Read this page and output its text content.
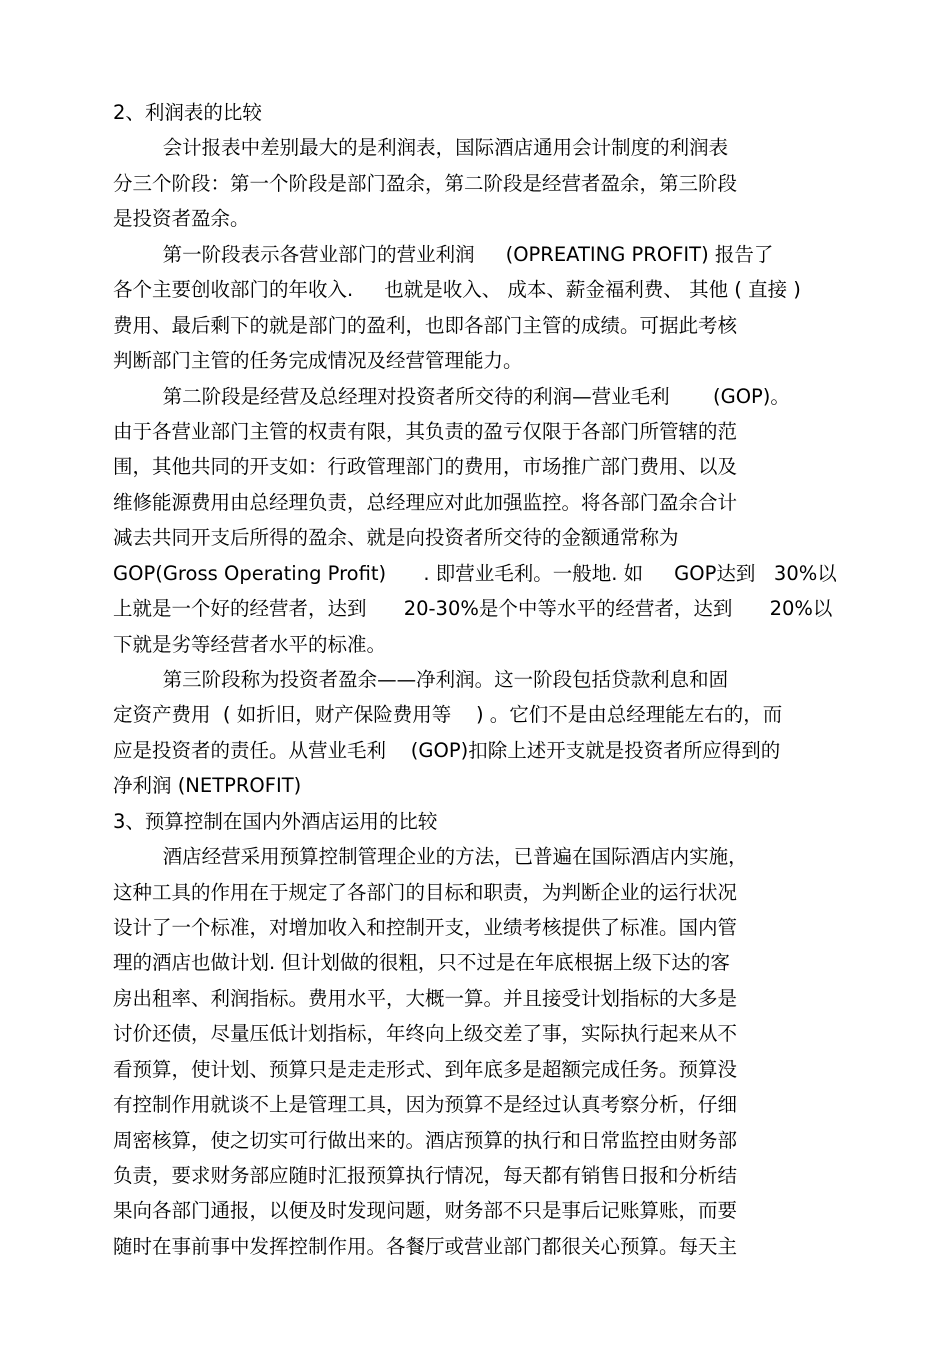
2、利润表的比较
会计报表中差别最大的是利润表，国际酒店通用会计制度的利润表
分三个阶段：第一个阶段是部门盈余，第二阶段是经营者盈余，第三阶段
是投资者盈余。
第一阶段表示各营业部门的营业利润     (OPREATING PROFIT) 报告了
各个主要创收部门的年收入.     也就是收入、 成本、薪金福利费、 其他 ( 直接 )
费用、最后剩下的就是部门的盈利，也即各部门主管的成绩。可据此考核
判断部门主管的任务完成情况及经营管理能力。
第二阶段是经营及总经理对投资者所交待的利润—营业毛利       (GOP)。
由于各营业部门主管的权责有限，其负责的盈亏仅限于各部门所管辖的范
围，其他共同的开支如：行政管理部门的费用，市场推广部门费用、以及
维修能源费用由总经理负责，总经理应对此加强监控。将各部门盈余合计
减去共同开支后所得的盈余、就是向投资者所交待的金额通常称为
GOP(Gross Operating Profit)      . 即营业毛利。一般地. 如     GOP达到   30%以
上就是一个好的经营者，达到      20-30%是个中等水平的经营者，达到      20%以
下就是劣等经营者水平的标准。
第三阶段称为投资者盈余——净利润。这一阶段包括贷款利息和固
定资产费用  ( 如折旧，财产保险费用等    ) 。它们不是由总经理能左右的，而
应是投资者的责任。从营业毛利    (GOP)扣除上述开支就是投资者所应得到的
净利润 (NETPROFIT)
3、预算控制在国内外酒店运用的比较
酒店经营采用预算控制管理企业的方法，已普遍在国际酒店内实施，
这种工具的作用在于规定了各部门的目标和职责，为判断企业的运行状况
设计了一个标准，对增加收入和控制开支，业绩考核提供了标准。国内管
理的酒店也做计划. 但计划做的很粗，只不过是在年底根据上级下达的客
房出租率、利润指标。费用水平，大概一算。并且接受计划指标的大多是
讨价还债，尽量压低计划指标，年终向上级交差了事，实际执行起来从不
看预算，使计划、预算只是走走形式、到年底多是超额完成任务。预算没
有控制作用就谈不上是管理工具，因为预算不是经过认真考察分析，仔细
周密核算，使之切实可行做出来的。酒店预算的执行和日常监控由财务部
负责，要求财务部应随时汇报预算执行情况，每天都有销售日报和分析结
果向各部门通报，以便及时发现问题，财务部不只是事后记账算账，而要
随时在事前事中发挥控制作用。各餐厅或营业部门都很关心预算。每天主
